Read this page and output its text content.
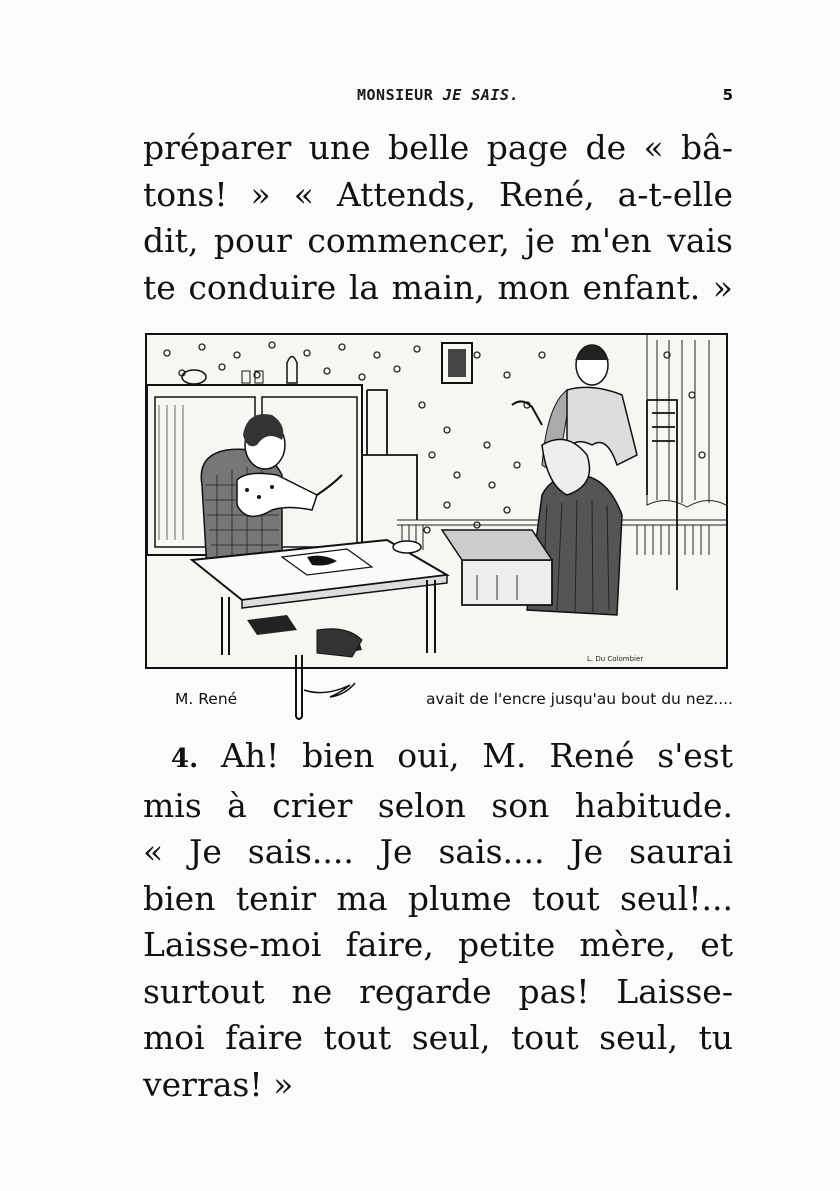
MONSIEUR JE SAIS.	5
préparer une belle page de « bâ-
tons! » « Attends, René, a-t-elle
dit, pour commencer, je m'en vais
te conduire la main, mon enfant. »
L. Du Colombier
M. René	avait de l'encre jusqu'au bout du nez....
4. Ah! bien oui, M. René s'est
mis à crier selon son habitude.
« Je sais.... Je sais.... Je saurai
bien tenir ma plume tout seul!...
Laisse-moi faire, petite mère, et
surtout ne regarde pas! Laisse-
moi faire tout seul, tout seul, tu
verras! »
